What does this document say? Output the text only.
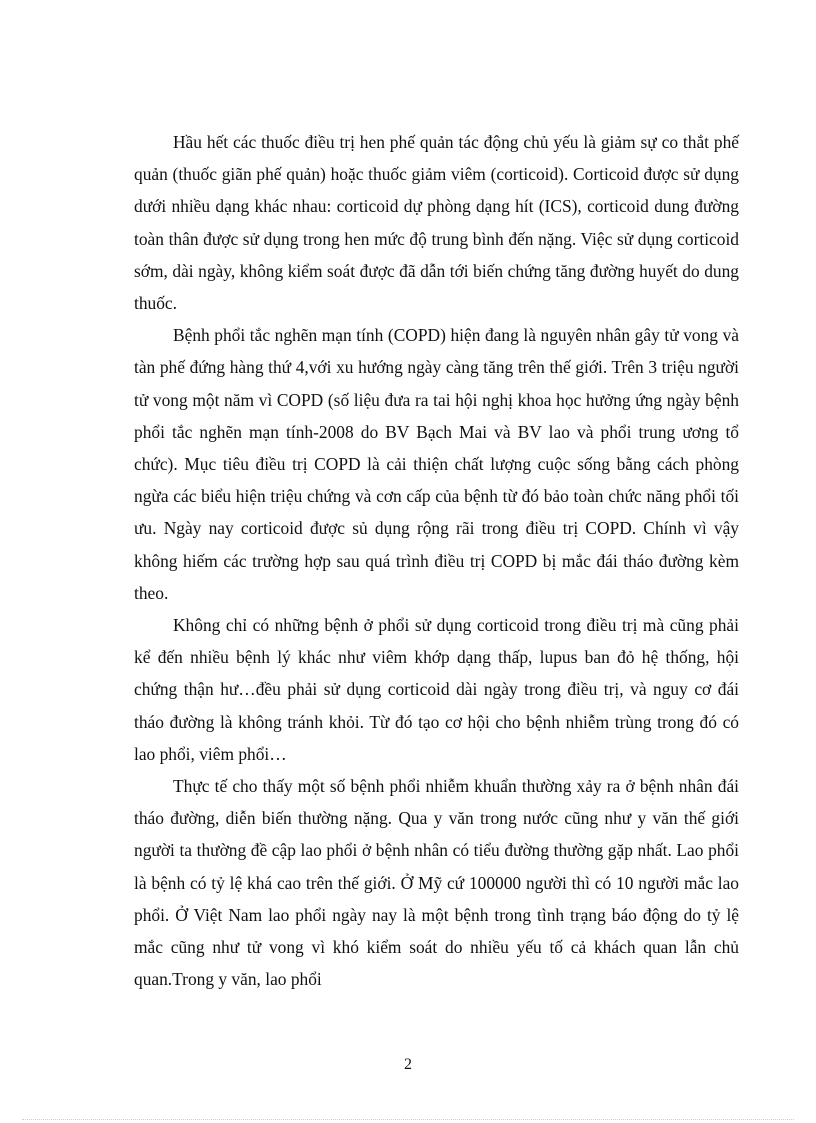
Hầu hết các thuốc điều trị hen phế quản tác động chủ yếu là giảm sự co thắt phế quản (thuốc giãn phế quản) hoặc thuốc giảm viêm (corticoid). Corticoid được sử dụng dưới nhiều dạng khác nhau: corticoid dự phòng dạng hít (ICS), corticoid dung đường toàn thân được sử dụng trong hen mức độ trung bình đến nặng. Việc sử dụng corticoid sớm, dài ngày, không kiểm soát được đã dẫn tới biến chứng tăng đường huyết do dung thuốc.

Bệnh phổi tắc nghẽn mạn tính (COPD) hiện đang là nguyên nhân gây tử vong và tàn phế đứng hàng thứ 4,với xu hướng ngày càng tăng trên thế giới. Trên 3 triệu người tử vong một năm vì COPD (số liệu đưa ra tai hội nghị khoa học hưởng ứng ngày bệnh phổi tắc nghẽn mạn tính-2008 do BV Bạch Mai và BV lao và phổi trung ương tổ chức). Mục tiêu điều trị COPD là cải thiện chất lượng cuộc sống bằng cách phòng ngừa các biểu hiện triệu chứng và cơn cấp của bệnh từ đó bảo toàn chức năng phổi tối ưu. Ngày nay corticoid được sủ dụng rộng rãi trong điều trị COPD. Chính vì vậy không hiếm các trường hợp sau quá trình điều trị COPD bị mắc đái tháo đường kèm theo.

Không chỉ có những bệnh ở phổi sử dụng corticoid trong điều trị mà cũng phải kể đến nhiều bệnh lý khác như viêm khớp dạng thấp, lupus ban đỏ hệ thống, hội chứng thận hư…đều phải sử dụng corticoid dài ngày trong điều trị, và nguy cơ đái tháo đường là không tránh khỏi. Từ đó tạo cơ hội cho bệnh nhiễm trùng trong đó có lao phổi, viêm phổi…

Thực tế cho thấy một số bệnh phổi nhiễm khuẩn thường xảy ra ở bệnh nhân đái tháo đường, diễn biến thường nặng. Qua y văn trong nước cũng như y văn thế giới người ta thường đề cập lao phổi ở bệnh nhân có tiểu đường thường gặp nhất. Lao phổi là bệnh có tỷ lệ khá cao trên thế giới. Ở Mỹ cứ 100000 người thì có 10 người mắc lao phổi. Ở Việt Nam lao phổi ngày nay là một bệnh trong tình trạng báo động do tỷ lệ mắc cũng như tử vong vì khó kiểm soát do nhiều yếu tố cả khách quan lẫn chủ quan.Trong y văn, lao phổi

2
